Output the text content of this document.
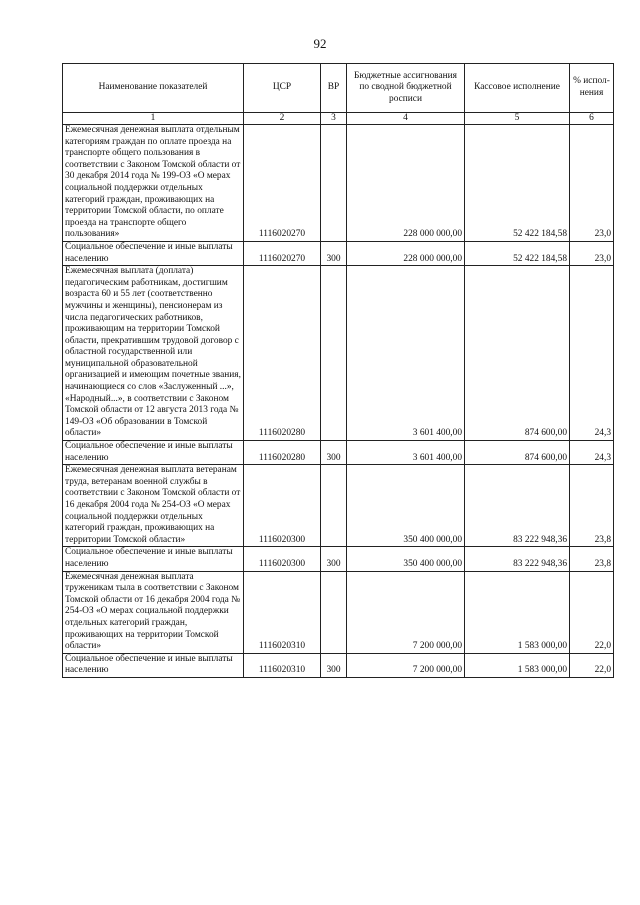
92
Наименование показателей	ЦСР	ВР	Бюджетные ассигнования по сводной бюджетной росписи	Кассовое исполнение	% испол-нения
1	2	3	4	5	6
Ежемесячная денежная выплата отдельным категориям граждан по оплате проезда на транспорте общего пользования в соответствии с Законом Томской области от 30 декабря 2014 года № 199-ОЗ «О мерах социальной поддержки отдельных категорий граждан, проживающих на территории Томской области, по оплате проезда на транспорте общего пользования»	1116020270		228 000 000,00	52 422 184,58	23,0
Социальное обеспечение и иные выплаты населению	1116020270	300	228 000 000,00	52 422 184,58	23,0
Ежемесячная выплата (доплата) педагогическим работникам, достигшим возраста 60 и 55 лет (соответственно мужчины и женщины), пенсионерам из числа педагогических работников, проживающим на территории Томской области, прекратившим трудовой договор с областной государственной или муниципальной образовательной организацией и имеющим почетные звания, начинающиеся со слов «Заслуженный ...», «Народный...», в соответствии с Законом Томской области от 12 августа 2013 года № 149-ОЗ «Об образовании в Томской области»	1116020280		3 601 400,00	874 600,00	24,3
Социальное обеспечение и иные выплаты населению	1116020280	300	3 601 400,00	874 600,00	24,3
Ежемесячная денежная выплата ветеранам труда, ветеранам военной службы в соответствии с Законом Томской области от 16 декабря 2004 года № 254-ОЗ «О мерах социальной поддержки отдельных категорий граждан, проживающих на территории Томской области»	1116020300		350 400 000,00	83 222 948,36	23,8
Социальное обеспечение и иные выплаты населению	1116020300	300	350 400 000,00	83 222 948,36	23,8
Ежемесячная денежная выплата труженикам тыла в соответствии с Законом Томской области от 16 декабря 2004 года № 254-ОЗ «О мерах социальной поддержки отдельных категорий граждан, проживающих на территории Томской области»	1116020310		7 200 000,00	1 583 000,00	22,0
Социальное обеспечение и иные выплаты населению	1116020310	300	7 200 000,00	1 583 000,00	22,0
